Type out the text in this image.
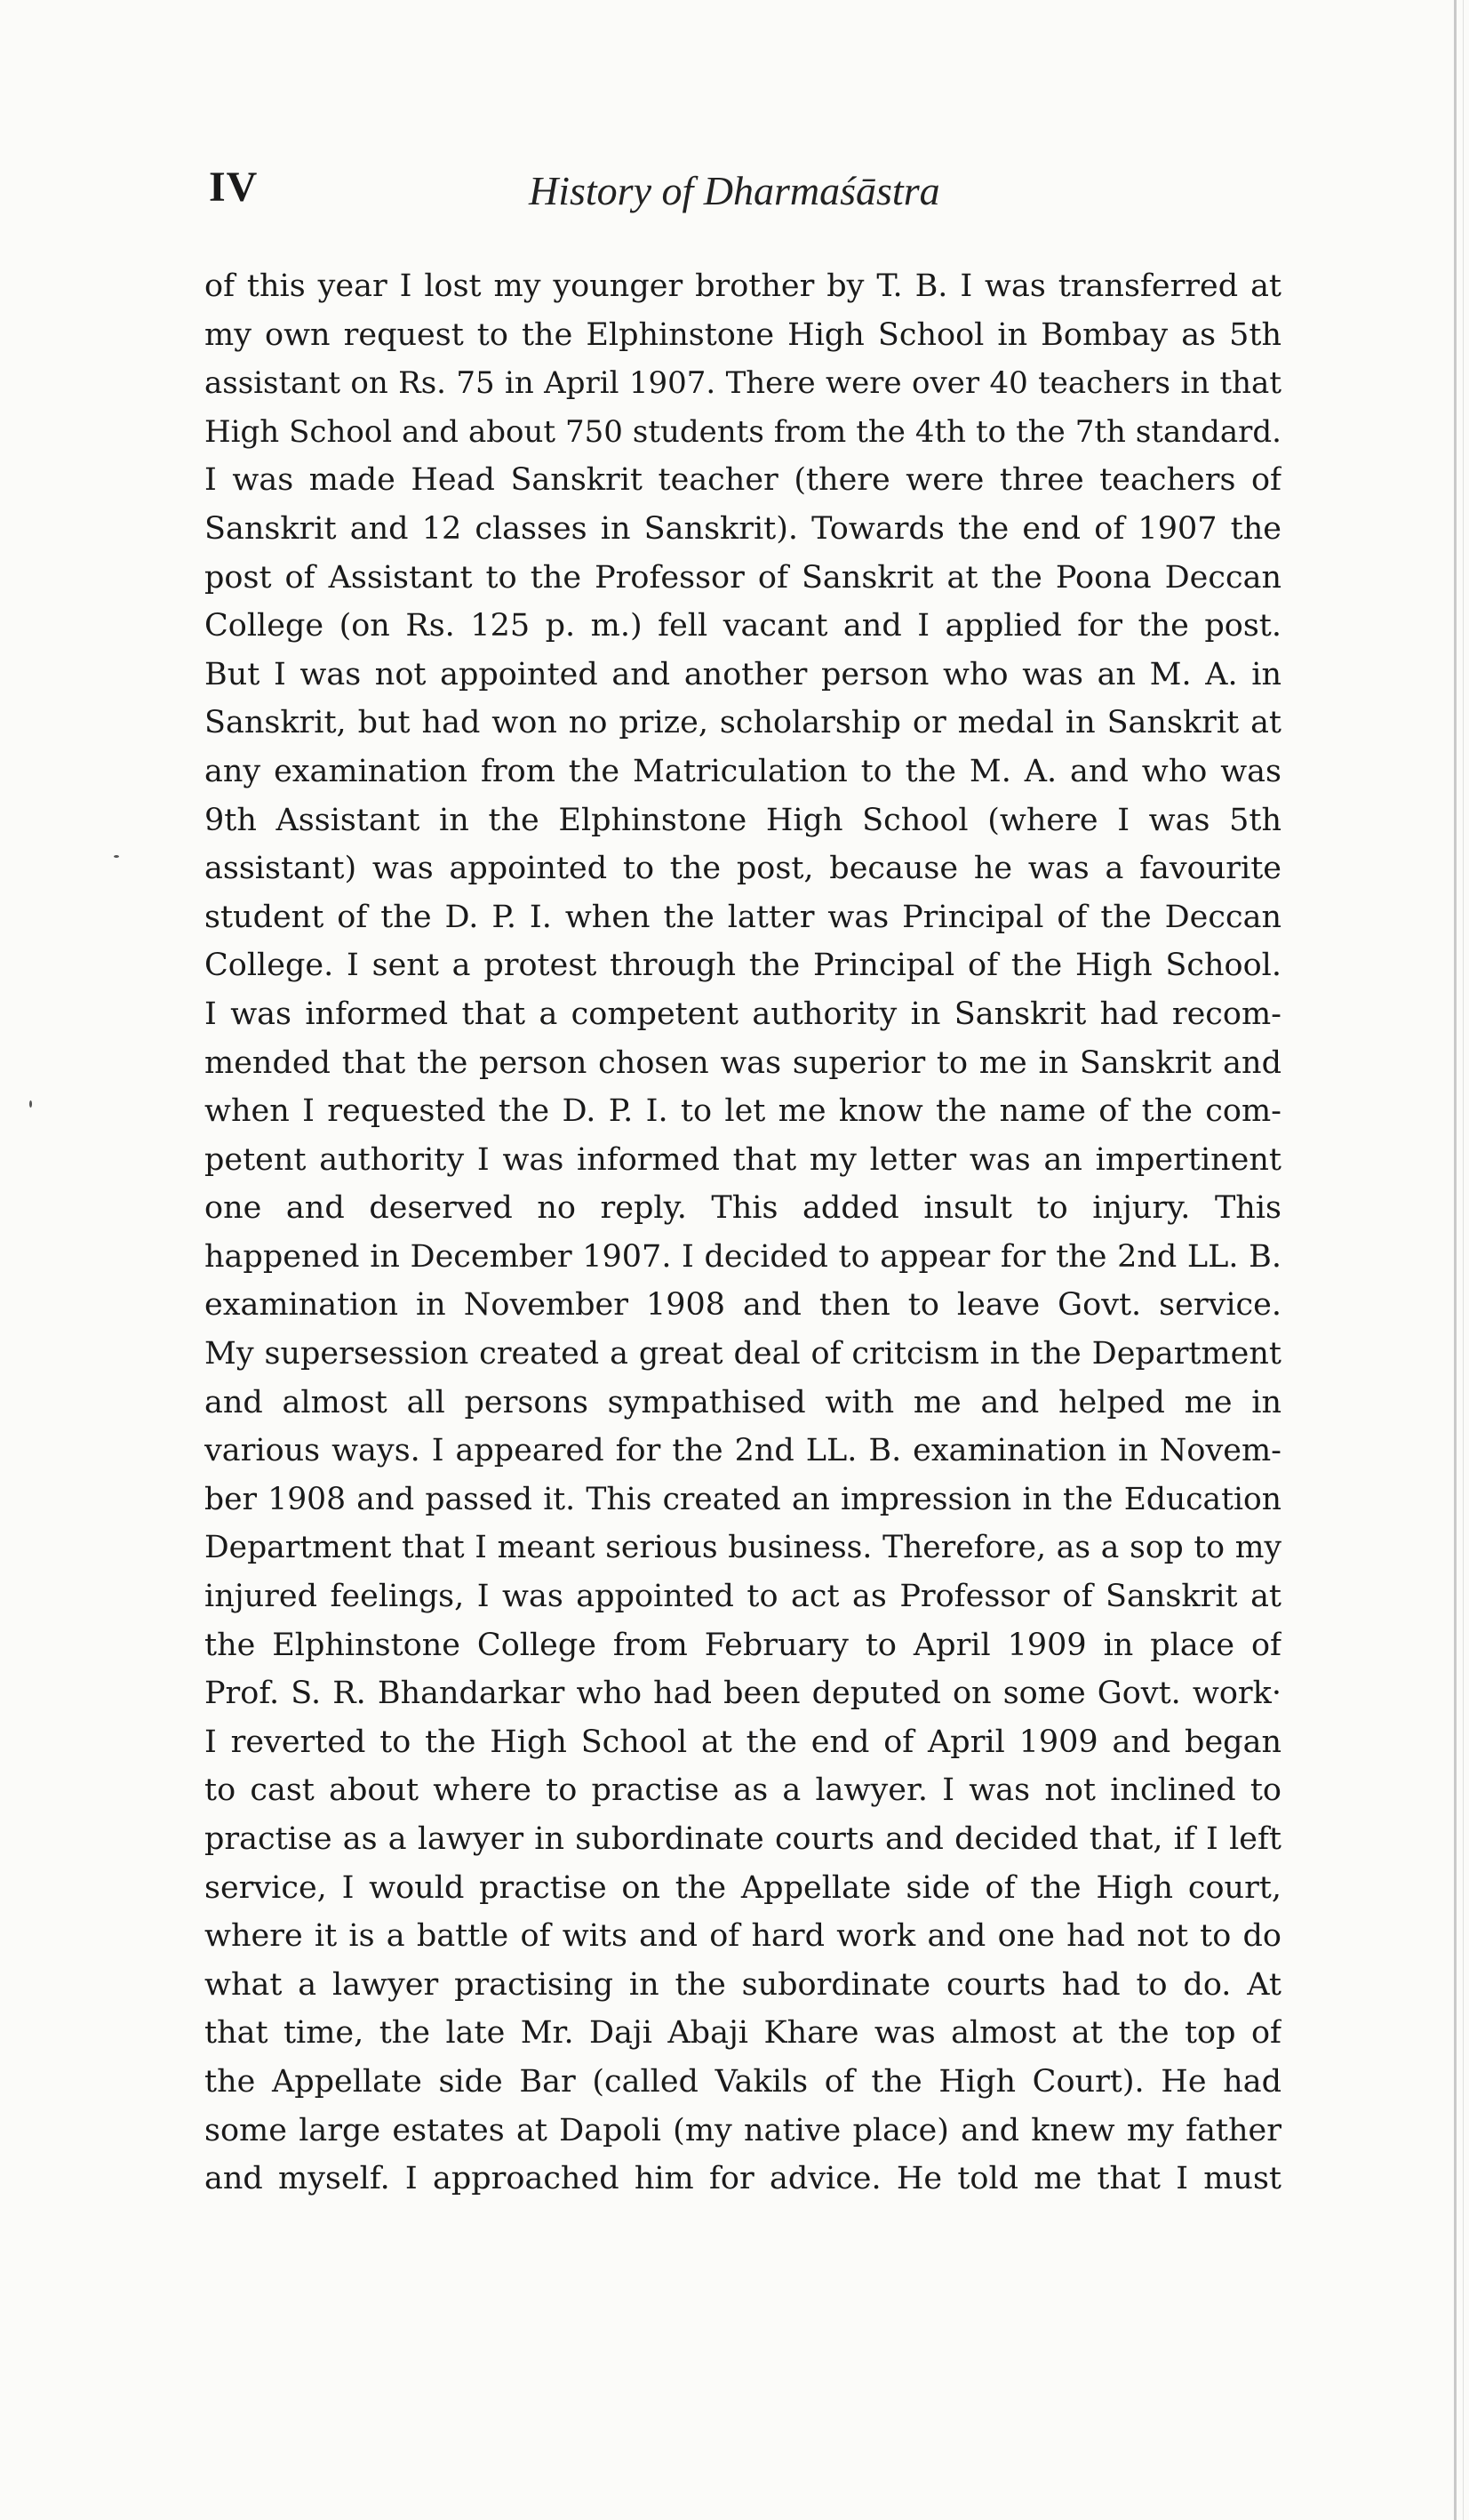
IV	History of Dharmaśāstra
of this year I lost my younger brother by T. B. I was transferred at
my own request to the Elphinstone High School in Bombay as 5th
assistant on Rs. 75 in April 1907. There were over 40 teachers in that
High School and about 750 students from the 4th to the 7th standard.
I was made Head Sanskrit teacher (there were three teachers of
Sanskrit and 12 classes in Sanskrit). Towards the end of 1907 the
post of Assistant to the Professor of Sanskrit at the Poona Deccan
College (on Rs. 125 p. m.) fell vacant and I applied for the post.
But I was not appointed and another person who was an M. A. in
Sanskrit, but had won no prize, scholarship or medal in Sanskrit at
any examination from the Matriculation to the M. A. and who was
9th Assistant in the Elphinstone High School (where I was 5th
assistant) was appointed to the post, because he was a favourite
student of the D. P. I. when the latter was Principal of the Deccan
College. I sent a protest through the Principal of the High School.
I was informed that a competent authority in Sanskrit had recom-
mended that the person chosen was superior to me in Sanskrit and
when I requested the D. P. I. to let me know the name of the com-
petent authority I was informed that my letter was an impertinent
one and deserved no reply. This added insult to injury. This
happened in December 1907. I decided to appear for the 2nd LL. B.
examination in November 1908 and then to leave Govt. service.
My supersession created a great deal of critcism in the Department
and almost all persons sympathised with me and helped me in
various ways. I appeared for the 2nd LL. B. examination in Novem-
ber 1908 and passed it. This created an impression in the Education
Department that I meant serious business. Therefore, as a sop to my
injured feelings, I was appointed to act as Professor of Sanskrit at
the Elphinstone College from February to April 1909 in place of
Prof. S. R. Bhandarkar who had been deputed on some Govt. work·
I reverted to the High School at the end of April 1909 and began
to cast about where to practise as a lawyer. I was not inclined to
practise as a lawyer in subordinate courts and decided that, if I left
service, I would practise on the Appellate side of the High court,
where it is a battle of wits and of hard work and one had not to do
what a lawyer practising in the subordinate courts had to do. At
that time, the late Mr. Daji Abaji Khare was almost at the top of
the Appellate side Bar (called Vakils of the High Court). He had
some large estates at Dapoli (my native place) and knew my father
and myself. I approached him for advice. He told me that I must
